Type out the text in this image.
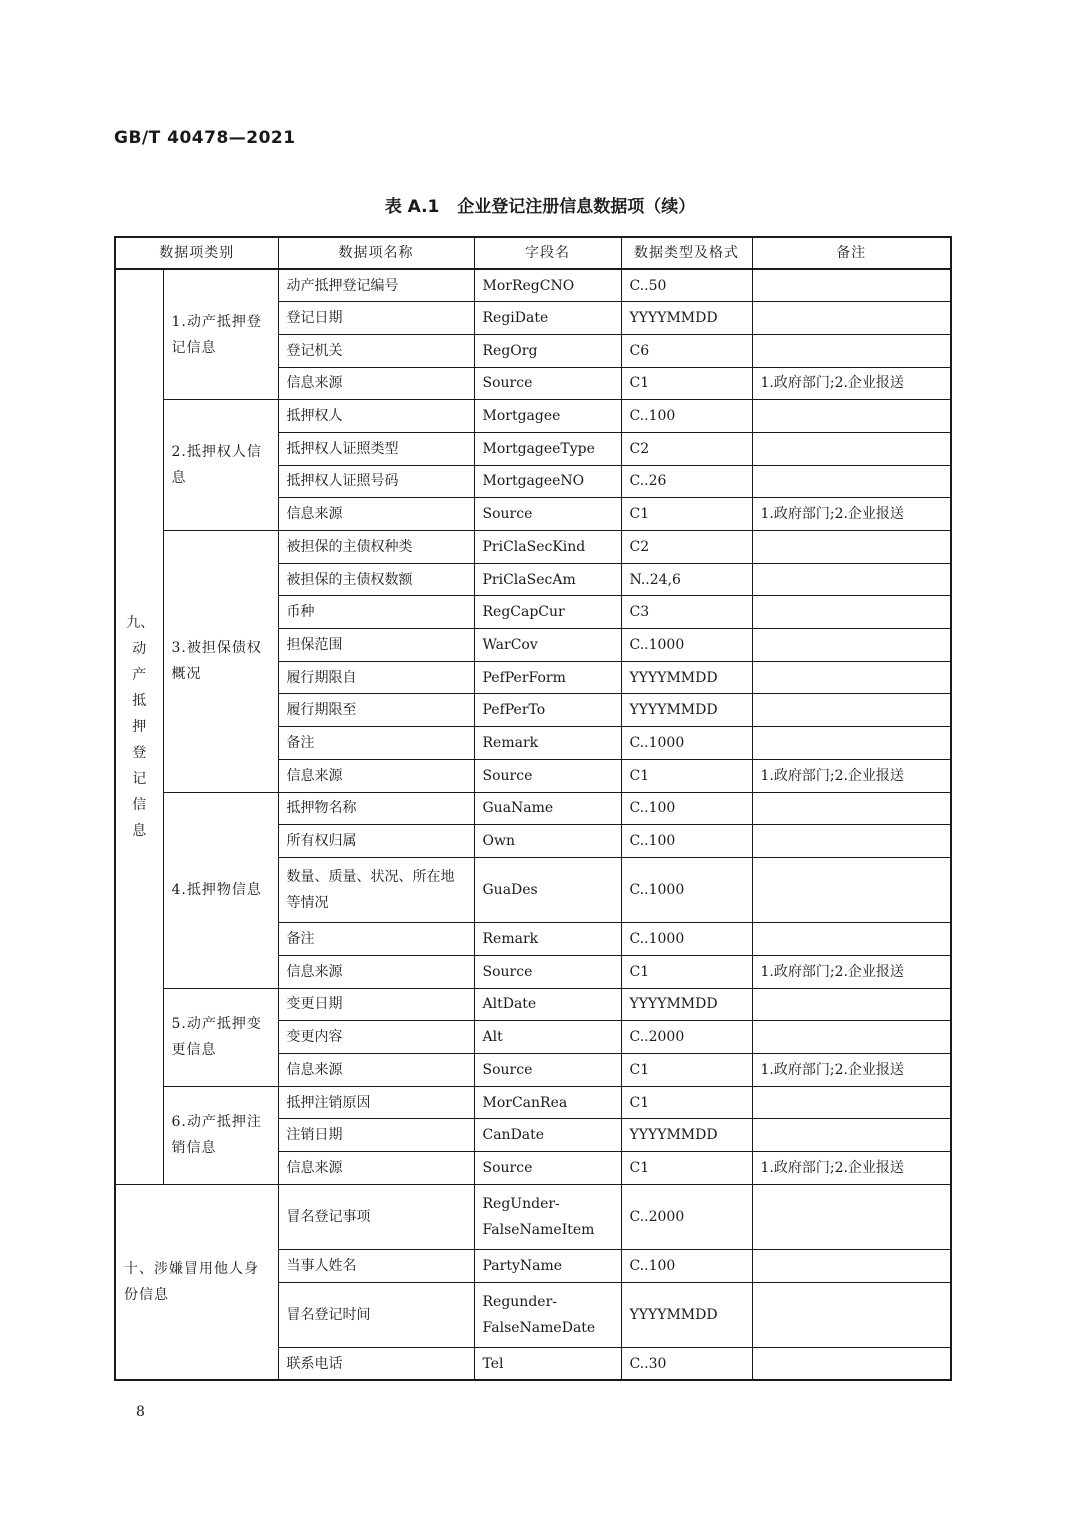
GB/T 40478—2021
表 A.1 企业登记注册信息数据项（续）
数据项类别		数据项名称	字段名	数据类型及格式	备注

九、动产抵押登记信息	1.动产抵押登记信息	动产抵押登记编号	MorRegCNO	C..50	
		登记日期	RegiDate	YYYYMMDD	
		登记机关	RegOrg	C6	
		信息来源	Source	C1	1.政府部门;2.企业报送
	2.抵押权人信息	抵押权人	Mortgagee	C..100	
		抵押权人证照类型	MortgageeType	C2	
		抵押权人证照号码	MortgageeNO	C..26	
		信息来源	Source	C1	1.政府部门;2.企业报送
	3.被担保债权概况	被担保的主债权种类	PriClaSecKind	C2	
		被担保的主债权数额	PriClaSecAm	N..24,6	
		币种	RegCapCur	C3	
		担保范围	WarCov	C..1000	
		履行期限自	PefPerForm	YYYYMMDD	
		履行期限至	PefPerTo	YYYYMMDD	
		备注	Remark	C..1000	
		信息来源	Source	C1	1.政府部门;2.企业报送
	4.抵押物信息	抵押物名称	GuaName	C..100	
		所有权归属	Own	C..100	
		数量、质量、状况、所在地等情况	GuaDes	C..1000	
		备注	Remark	C..1000	
		信息来源	Source	C1	1.政府部门;2.企业报送
	5.动产抵押变更信息	变更日期	AltDate	YYYYMMDD	
		变更内容	Alt	C..2000	
		信息来源	Source	C1	1.政府部门;2.企业报送
	6.动产抵押注销信息	抵押注销原因	MorCanRea	C1	
		注销日期	CanDate	YYYYMMDD	
		信息来源	Source	C1	1.政府部门;2.企业报送
十、涉嫌冒用他人身份信息		冒名登记事项	RegUnder-FalseNameItem	C..2000	
		当事人姓名	PartyName	C..100	
		冒名登记时间	Regunder-FalseNameDate	YYYYMMDD	
		联系电话	Tel	C..30	
8
